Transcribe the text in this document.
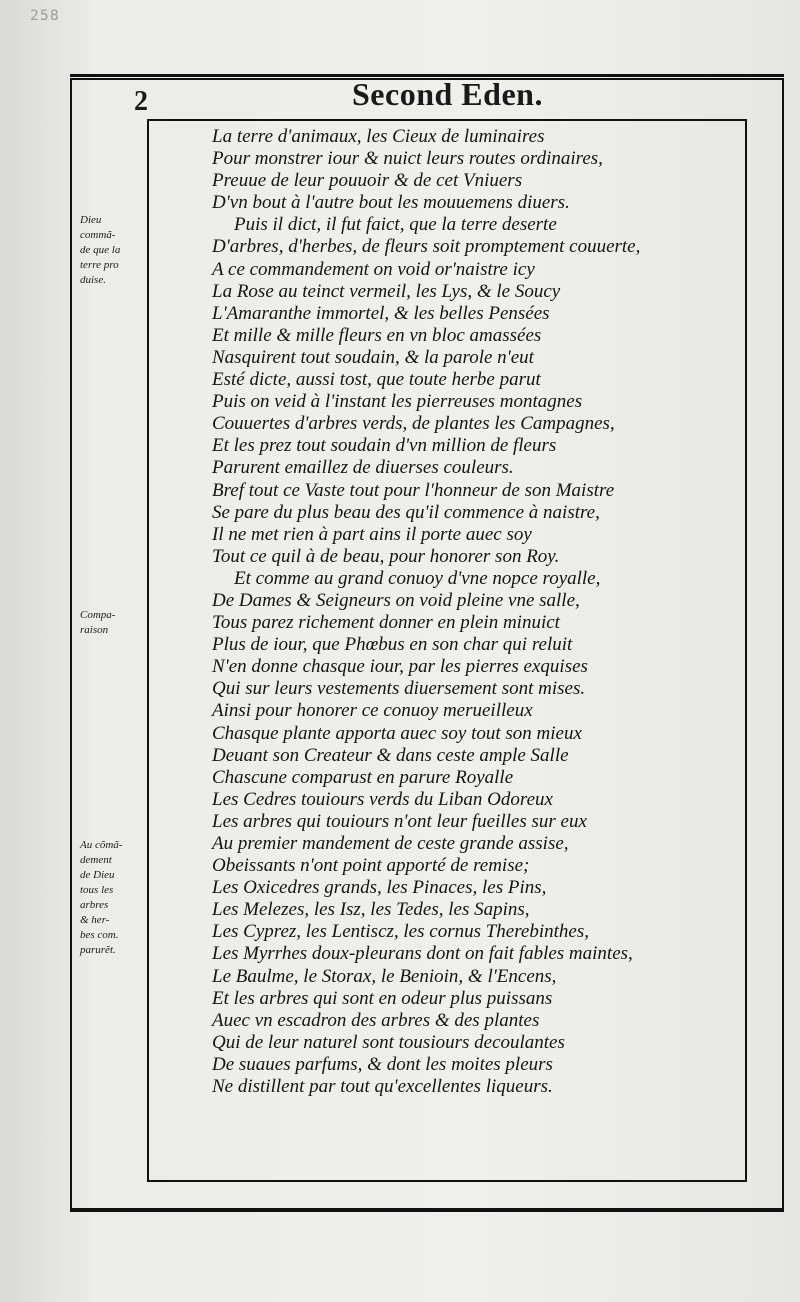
258
2	Second Eden.
Dieu
commã-
de que la
terre pro
duise.
Compa-
raison
Au cõmã-
dement
de Dieu
tous les
arbres
& her-
bes com.
parurẽt.
La terre d'animaux, les Cieux de luminaires
Pour monstrer iour & nuict leurs routes ordinaires,
Preuue de leur pouuoir & de cet Vniuers
D'vn bout à l'autre bout les mouuemens diuers.
Puis il dict, il fut faict, que la terre deserte
D'arbres, d'herbes, de fleurs soit promptement couuerte,
A ce commandement on void or'naistre icy
La Rose au teinct vermeil, les Lys, & le Soucy
L'Amaranthe immortel, & les belles Pensées
Et mille & mille fleurs en vn bloc amassées
Nasquirent tout soudain, & la parole n'eut
Esté dicte, aussi tost, que toute herbe parut
Puis on veid à l'instant les pierreuses montagnes
Couuertes d'arbres verds, de plantes les Campagnes,
Et les prez tout soudain d'vn million de fleurs
Parurent emaillez de diuerses couleurs.
Bref tout ce Vaste tout pour l'honneur de son Maistre
Se pare du plus beau des qu'il commence à naistre,
Il ne met rien à part ains il porte auec soy
Tout ce quil à de beau, pour honorer son Roy.
Et comme au grand conuoy d'vne nopce royalle,
De Dames & Seigneurs on void pleine vne salle,
Tous parez richement donner en plein minuict
Plus de iour, que Phœbus en son char qui reluit
N'en donne chasque iour, par les pierres exquises
Qui sur leurs vestements diuersement sont mises.
Ainsi pour honorer ce conuoy merueilleux
Chasque plante apporta auec soy tout son mieux
Deuant son Createur & dans ceste ample Salle
Chascune comparust en parure Royalle
Les Cedres touiours verds du Liban Odoreux
Les arbres qui touiours n'ont leur fueilles sur eux
Au premier mandement de ceste grande assise,
Obeissants n'ont point apporté de remise;
Les Oxicedres grands, les Pinaces, les Pins,
Les Melezes, les Isz, les Tedes, les Sapins,
Les Cyprez, les Lentiscz, les cornus Therebinthes,
Les Myrrhes doux-pleurans dont on fait fables maintes,
Le Baulme, le Storax, le Benioin, & l'Encens,
Et les arbres qui sont en odeur plus puissans
Auec vn escadron des arbres & des plantes
Qui de leur naturel sont tousiours decoulantes
De suaues parfums, & dont les moites pleurs
Ne distillent par tout qu'excellentes liqueurs.
